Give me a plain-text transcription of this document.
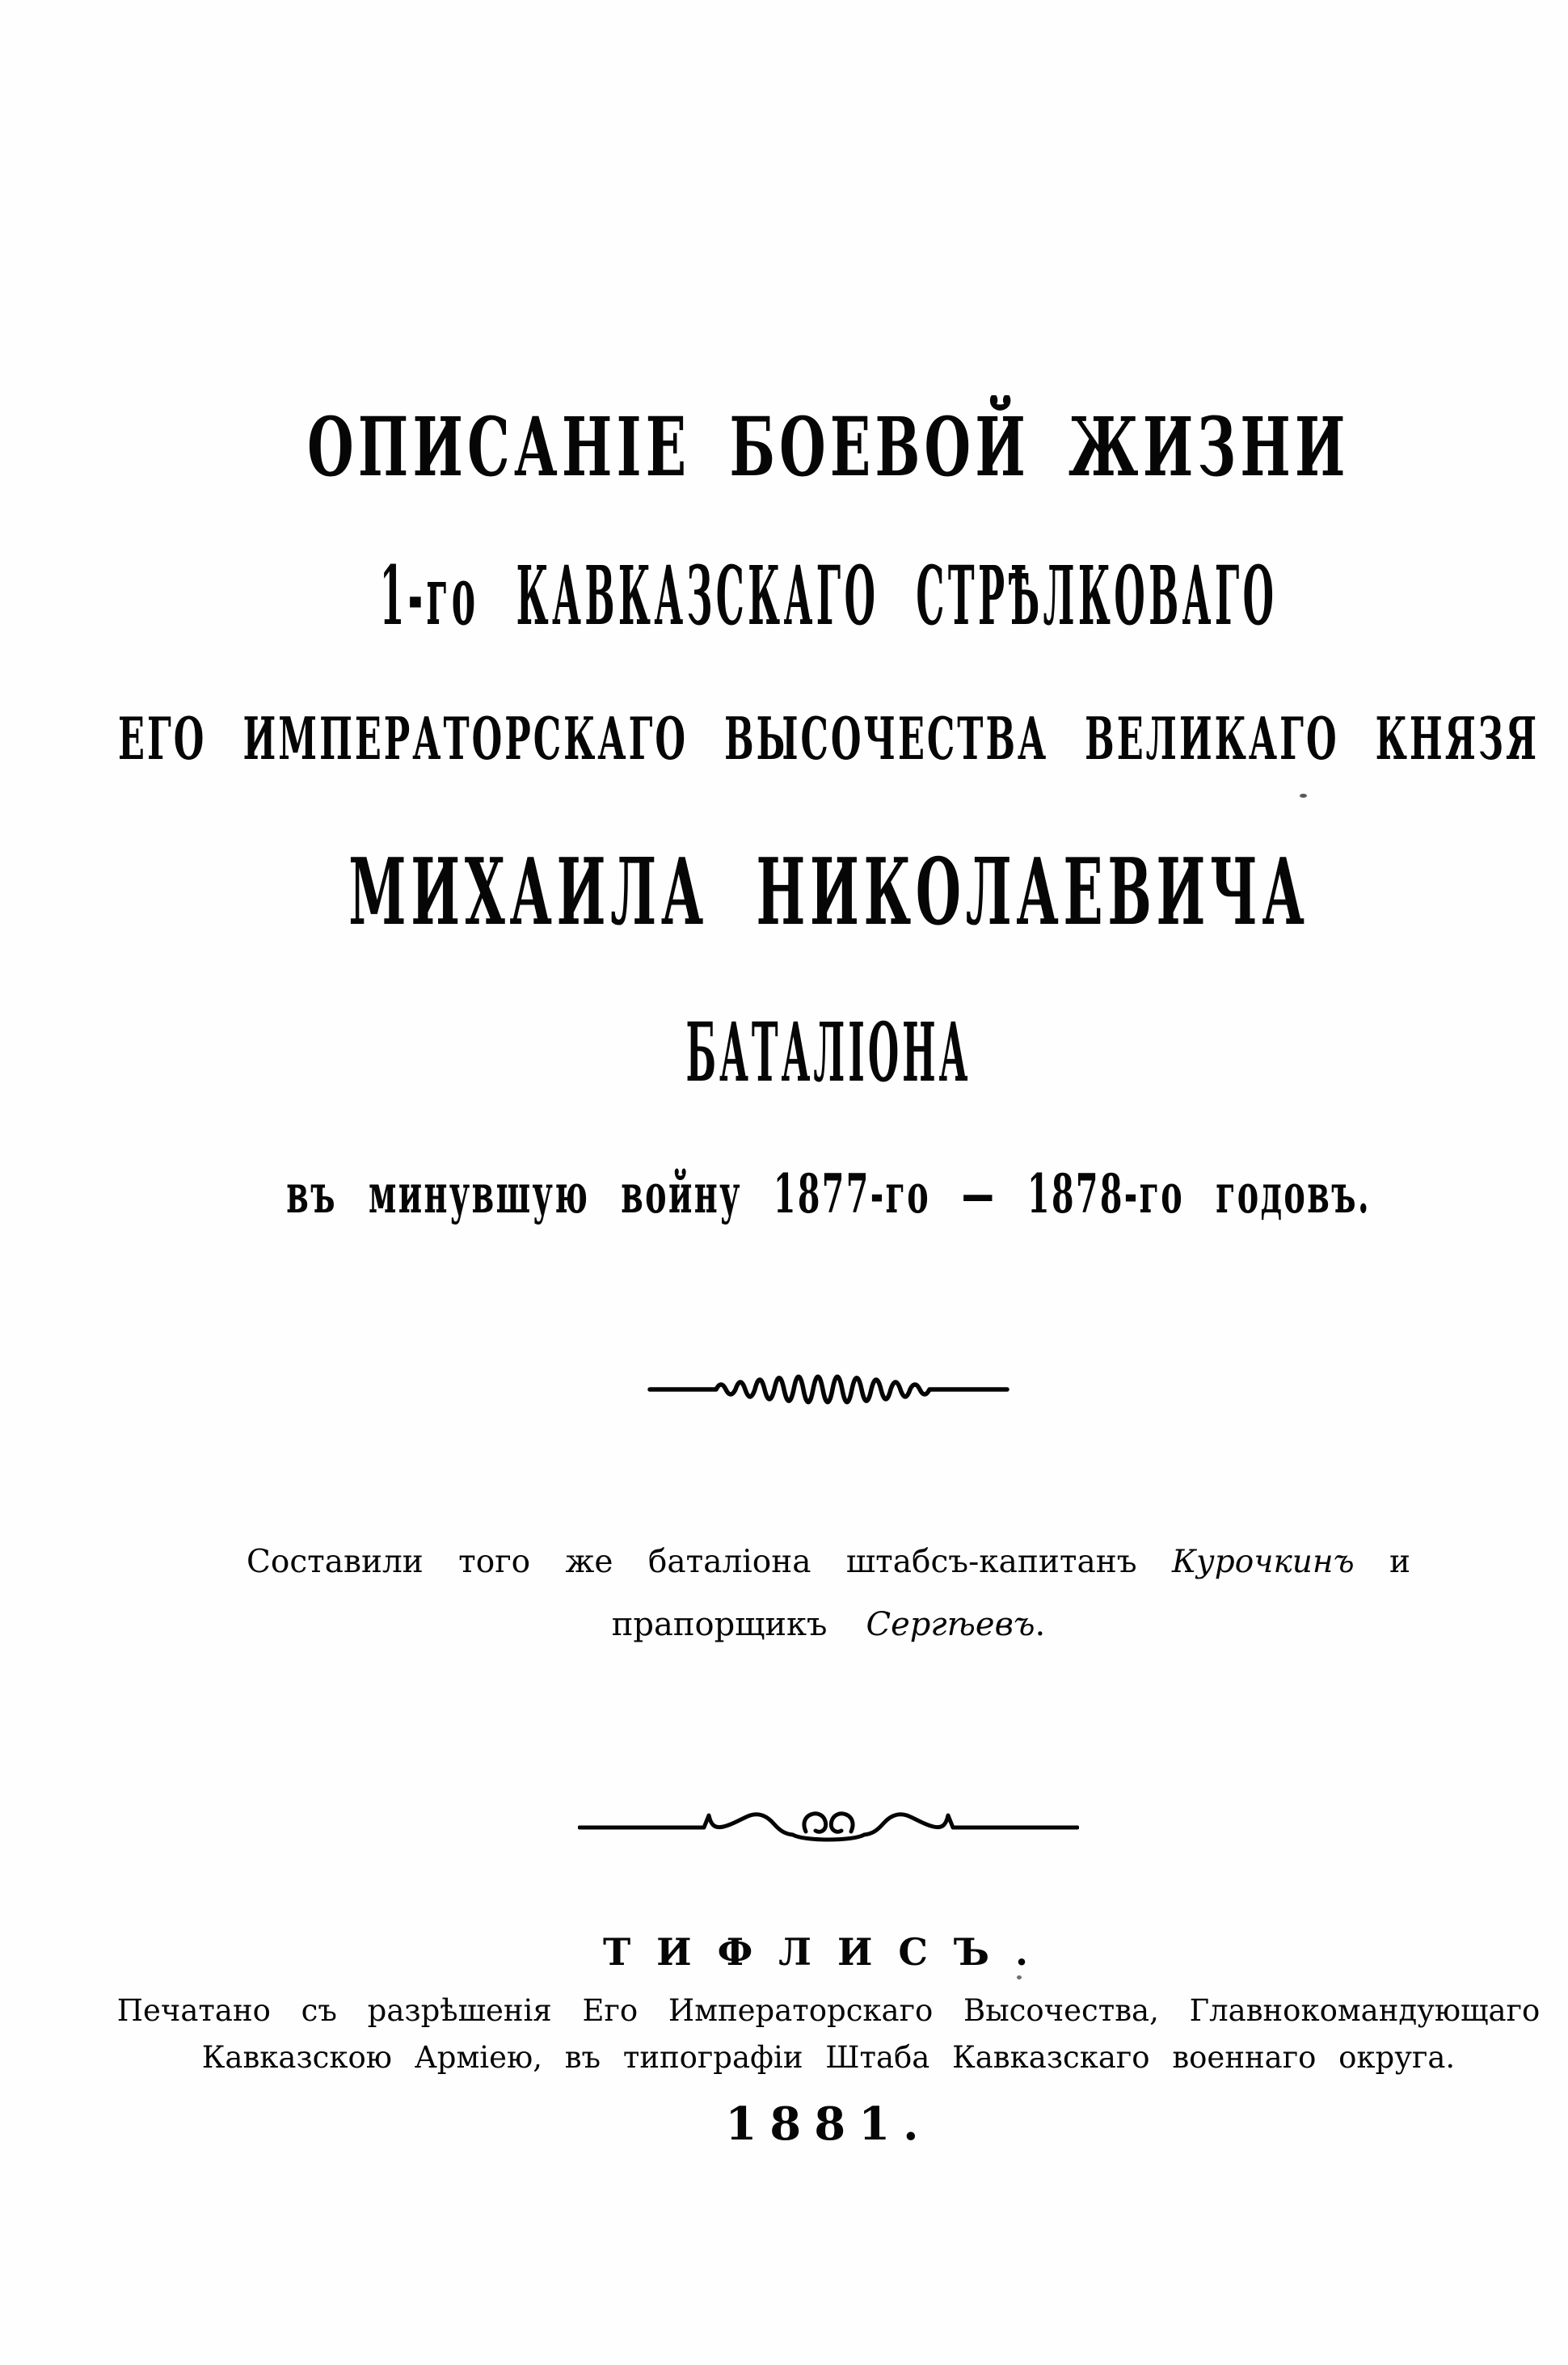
ОПИСАНІЕ БОЕВОЙ ЖИЗНИ
1-го КАВКАЗСКАГО СТРѢЛКОВАГО
ЕГО ИМПЕРАТОРСКАГО ВЫСОЧЕСТВА ВЕЛИКАГО КНЯЗЯ
МИХАИЛА НИКОЛАЕВИЧА
БАТАЛІОНА
въ минувшую войну 1877-го — 1878-го годовъ.
Составили того же баталіона штабсъ-капитанъ Курочкинъ и
прапорщикъ Сергѣевъ .
ТИФЛИСЪ.
Печатано съ разрѣшенія Его Императорскаго Высочества, Главнокомандующаго
Кавказскою Арміею, въ типографіи Штаба Кавказскаго военнаго округа.
1881.
